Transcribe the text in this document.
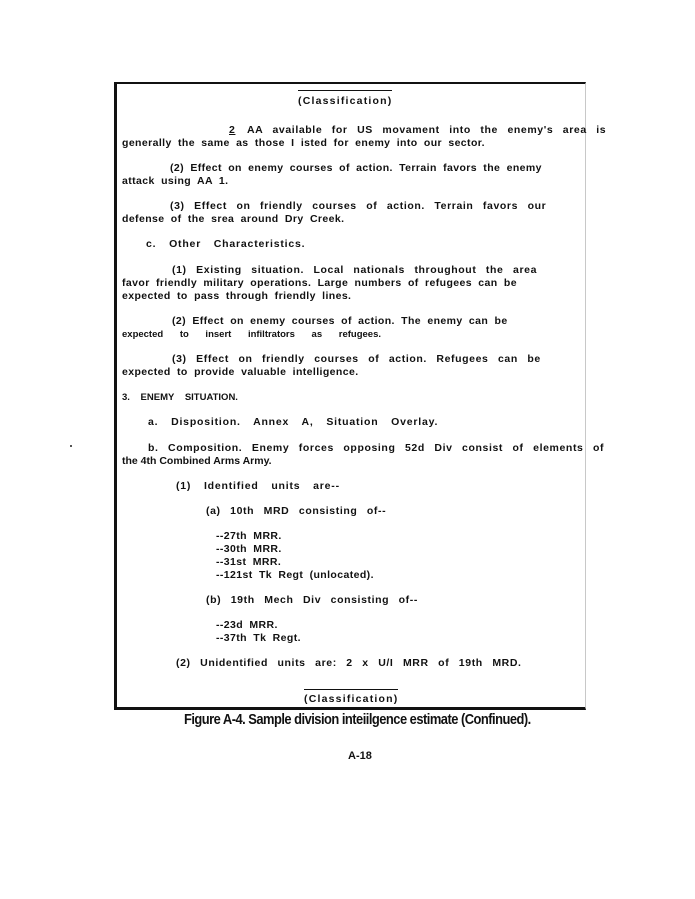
(Classification)
2 AA available for US movament into the enemy's area is
generally the same as those I isted for enemy into our sector.
(2) Effect on enemy courses of action. Terrain favors the enemy
attack using AA 1.
(3) Effect on friendly courses of action. Terrain favors our
defense of the srea around Dry Creek.
c. Other Characteristics.
(1) Existing situation. Local nationals throughout the area
favor friendly military operations. Large numbers of refugees can be
expected to pass through friendly lines.
(2) Effect on enemy courses of action. The enemy can be
expected to insert infiltrators as refugees.
(3) Effect on friendly courses of action. Refugees can be
expected to provide valuable intelligence.
3. ENEMY SITUATION.
a. Disposition. Annex A, Situation Overlay.
b. Composition. Enemy forces opposing 52d Div consist of elements of
the 4th Combined Arms Army.
(1) Identified units are--
(a) 10th MRD consisting of--
--27th MRR.
--30th MRR.
--31st MRR.
--121st Tk Regt (unlocated).
(b) 19th Mech Div consisting of--
--23d MRR.
--37th Tk Regt.
(2) Unidentified units are: 2 x U/I MRR of 19th MRD.
(Classification)
Figure A-4. Sample division inteiilgence estimate (Confinued).
A-18
